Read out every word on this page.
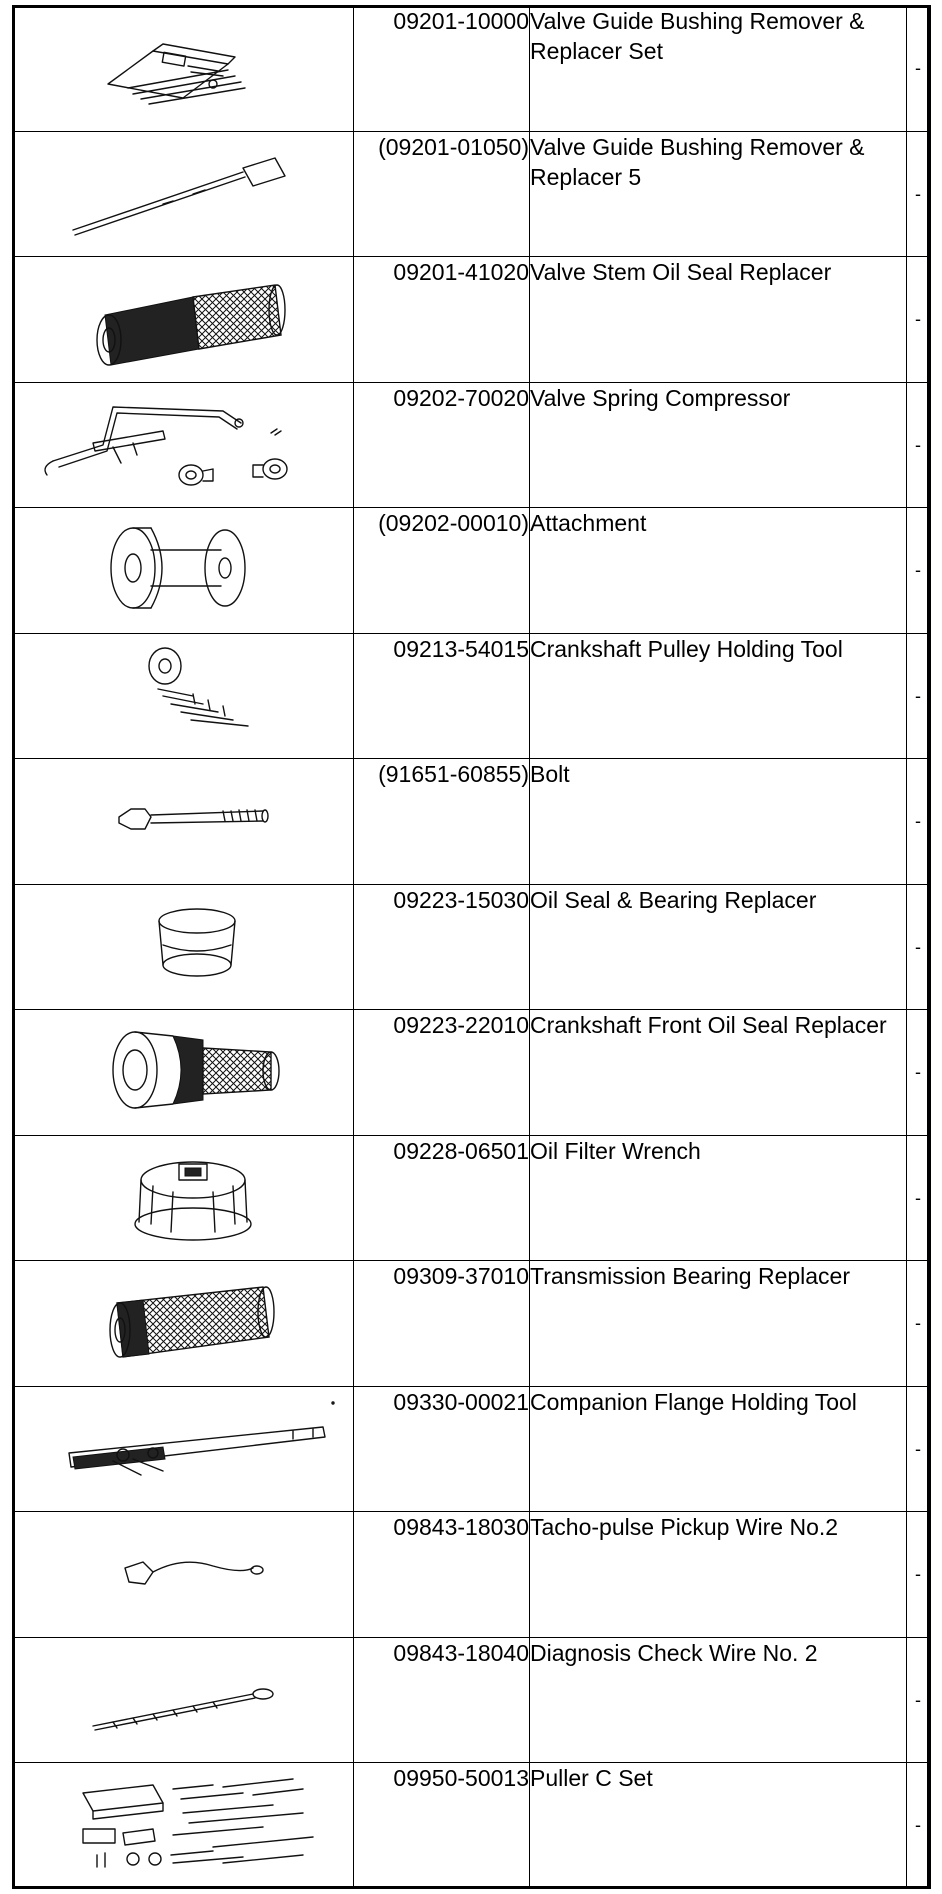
	09201-10000	Valve Guide Bushing Remover & Replacer Set	-

	(09201-01050)	Valve Guide Bushing Remover & Replacer 5	-

	09201-41020	Valve Stem Oil Seal Replacer	-

	09202-70020	Valve Spring Compressor	-

	(09202-00010)	Attachment	-

	09213-54015	Crankshaft Pulley Holding Tool	-

	(91651-60855)	Bolt	-

	09223-15030	Oil Seal & Bearing Replacer	-

	09223-22010	Crankshaft Front Oil Seal Replacer	-

	09228-06501	Oil Filter Wrench	-

	09309-37010	Transmission Bearing Replacer	-

	09330-00021	Companion Flange Holding Tool	-

	09843-18030	Tacho-pulse Pickup Wire No.2	-

	09843-18040	Diagnosis Check Wire No. 2	-

	09950-50013	Puller C Set	-
